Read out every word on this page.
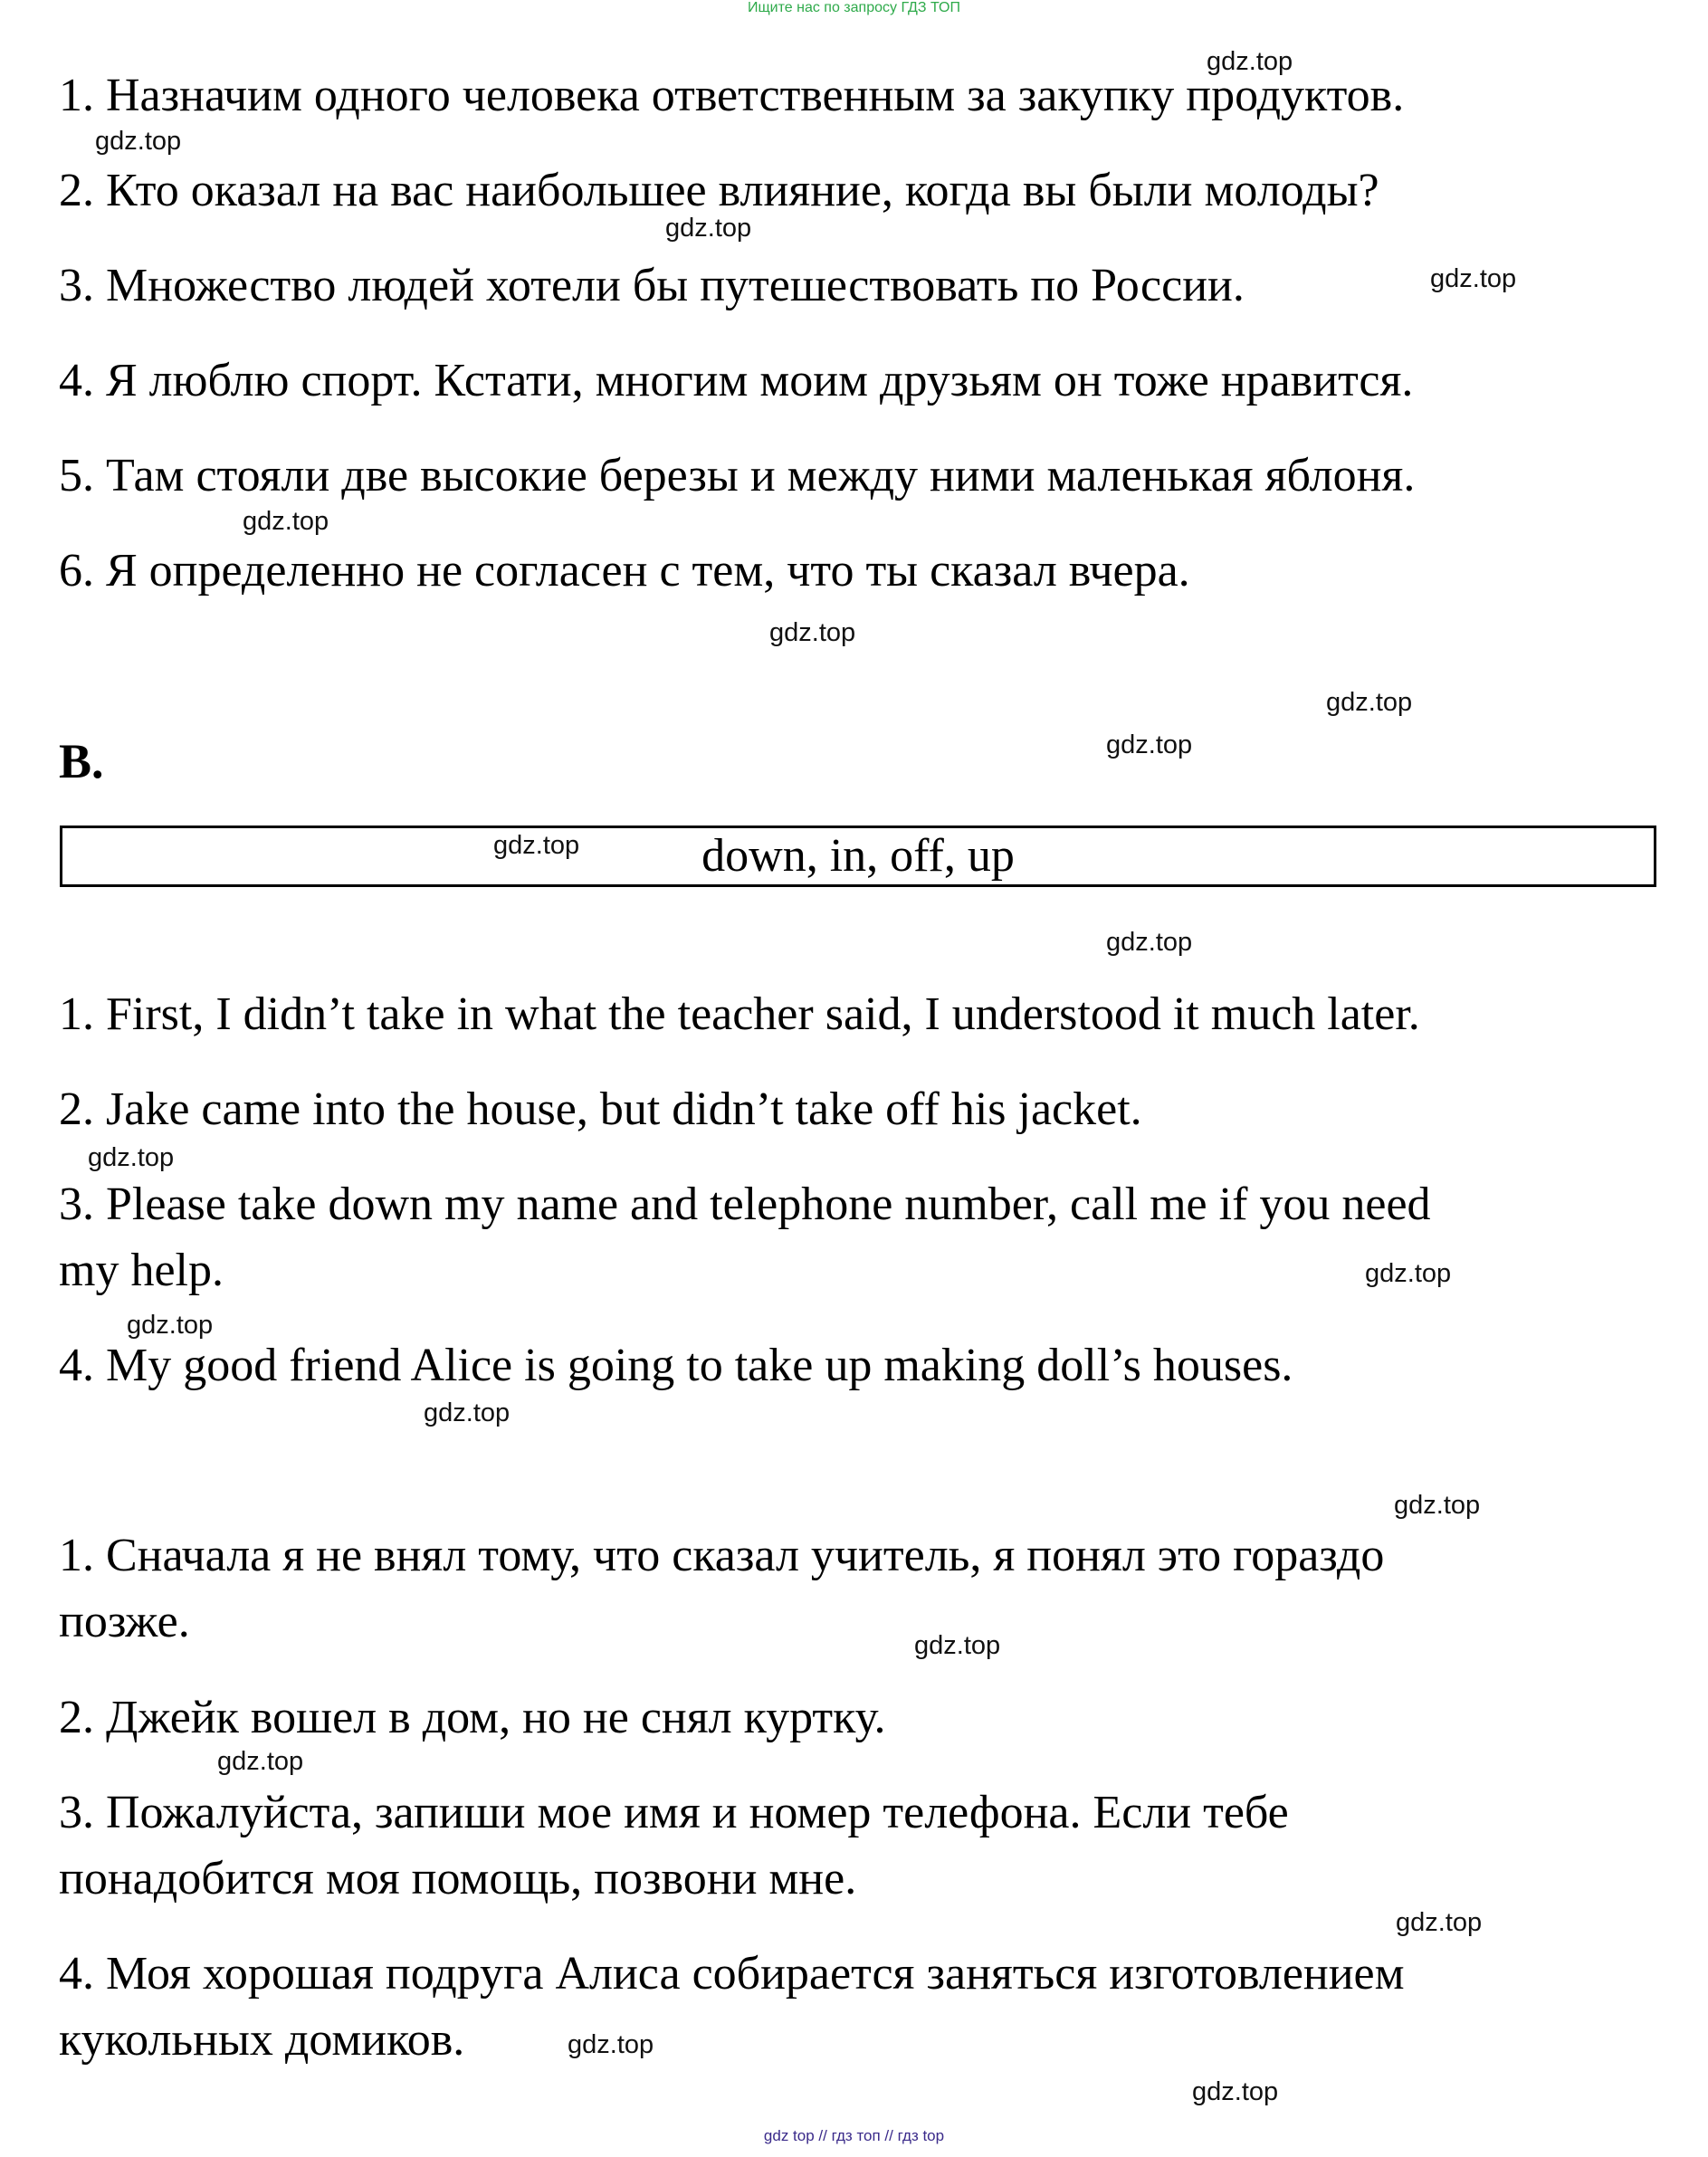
Ищите нас по запросу ГДЗ ТОП
1. Назначим одного человека ответственным за закупку продуктов.
2. Кто оказал на вас наибольшее влияние, когда вы были молоды?
3. Множество людей хотели бы путешествовать по России.
4. Я люблю спорт. Кстати, многим моим друзьям он тоже нравится.
5. Там стояли две высокие березы и между ними маленькая яблоня.
6. Я определенно не согласен с тем, что ты сказал вчера.
B.
down, in, off, up
1. First, I didn’t take in what the teacher said, I understood it much later.
2. Jake came into the house, but didn’t take off his jacket.
3. Please take down my name and telephone number, call me if you need
my help.
4. My good friend Alice is going to take up making doll’s houses.
1. Сначала я не внял тому, что сказал учитель, я понял это гораздо
позже.
2. Джейк вошел в дом, но не снял куртку.
3. Пожалуйста, запиши мое имя и номер телефона. Если тебе
понадобится моя помощь, позвони мне.
4. Моя хорошая подруга Алиса собирается заняться изготовлением
кукольных домиков.
gdz.top
gdz.top
gdz.top
gdz.top
gdz.top
gdz.top
gdz.top
gdz.top
gdz.top
gdz.top
gdz.top
gdz.top
gdz.top
gdz.top
gdz.top
gdz.top
gdz.top
gdz.top
gdz.top
gdz.top
gdz top // гдз топ // гдз top
